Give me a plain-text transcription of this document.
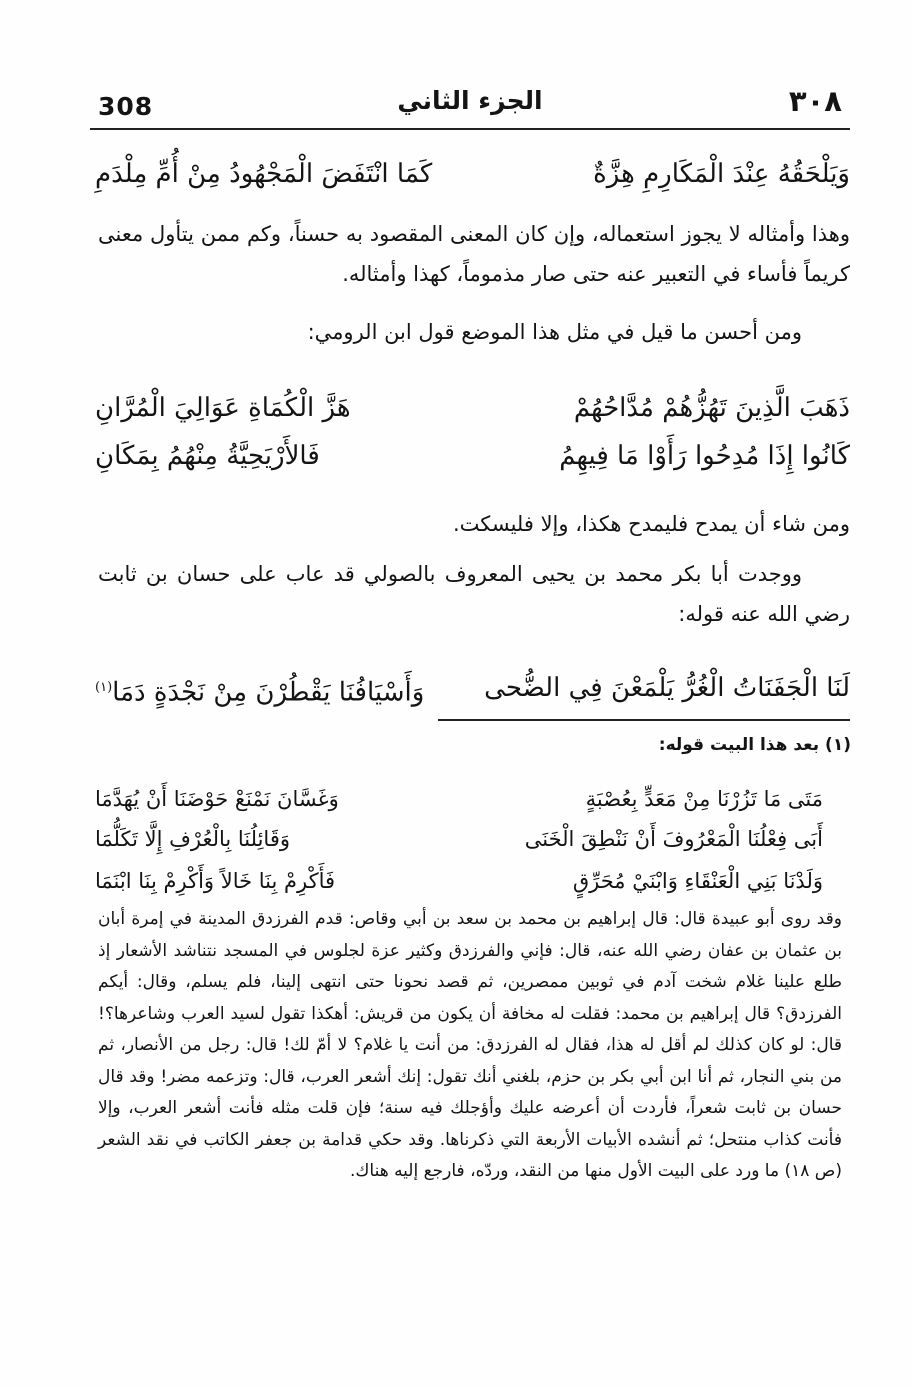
308	الجزء الثاني	٣٠٨
وَيَلْحَقُهُ عِنْدَ الْمَكَارِمِ هِزَّةٌ
كَمَا انْتَفَضَ الْمَجْهُودُ مِنْ أُمِّ مِلْدَمِ
وهذا وأمثاله لا يجوز استعماله، وإن كان المعنى المقصود به حسناً، وكم ممن يتأول معنى كريماً فأساء في التعبير عنه حتى صار مذموماً، كهذا وأمثاله.
ومن أحسن ما قيل في مثل هذا الموضع قول ابن الرومي:
ذَهَبَ الَّذِينَ تَهُزُّهُمْ مُدَّاحُهُمْ
هَزَّ الْكُمَاةِ عَوَالِيَ الْمُرَّانِ
كَانُوا إِذَا مُدِحُوا رَأَوْا مَا فِيهِمُ
فَالأَرْيَحِيَّةُ مِنْهُمُ بِمَكَانِ
ومن شاء أن يمدح فليمدح هكذا، وإلا فليسكت.
ووجدت أبا بكر محمد بن يحيى المعروف بالصولي قد عاب على حسان بن ثابت رضي الله عنه قوله:
لَنَا الْجَفَنَاتُ الْغُرُّ يَلْمَعْنَ فِي الضُّحى
وَأَسْيَافُنَا يَقْطُرْنَ مِنْ نَجْدَةٍ دَمَا$^{(١)}$
(١) بعد هذا البيت قوله:
مَتَى مَا تَزُرْنَا مِنْ مَعَدٍّ بِعُصْبَةٍ
وَغَسَّانَ نَمْنَعْ حَوْضَنَا أَنْ يُهَدَّمَا
أَبَى فِعْلُنَا الْمَعْرُوفَ أَنْ نَنْطِقَ الْخَنَى
وَقَائِلُنَا بِالْعُرْفِ إِلَّا تَكَلُّمَا
وَلَدْنَا بَنِي الْعَنْقَاءِ وَابْنَيْ مُحَرِّقٍ
فَأَكْرِمْ بِنَا خَالاً وَأَكْرِمْ بِنَا ابْنَمَا
وقد روى أبو عبيدة قال: قال إبراهيم بن محمد بن سعد بن أبي وقاص: قدم الفرزدق المدينة في إمرة أبان بن عثمان بن عفان رضي الله عنه، قال: فإني والفرزدق وكثير عزة لجلوس في المسجد نتناشد الأشعار إذ طلع علينا غلام شخت آدم في ثوبين ممصرين، ثم قصد نحونا حتى انتهى إلينا، فلم يسلم، وقال: أيكم الفرزدق؟ قال إبراهيم بن محمد: فقلت له مخافة أن يكون من قريش: أهكذا تقول لسيد العرب وشاعرها؟! قال: لو كان كذلك لم أقل له هذا، فقال له الفرزدق: من أنت يا غلام؟ لا أمّ لك! قال: رجل من الأنصار، ثم من بني النجار، ثم أنا ابن أبي بكر بن حزم، بلغني أنك تقول: إنك أشعر العرب، قال: وتزعمه مضر! وقد قال حسان بن ثابت شعراً، فأردت أن أعرضه عليك وأؤجلك فيه سنة؛ فإن قلت مثله فأنت أشعر العرب، وإلا فأنت كذاب منتحل؛ ثم أنشده الأبيات الأربعة التي ذكرناها. وقد حكي قدامة بن جعفر الكاتب في نقد الشعر (ص ١٨) ما ورد على البيت الأول منها من النقد، وردّه، فارجع إليه هناك.
